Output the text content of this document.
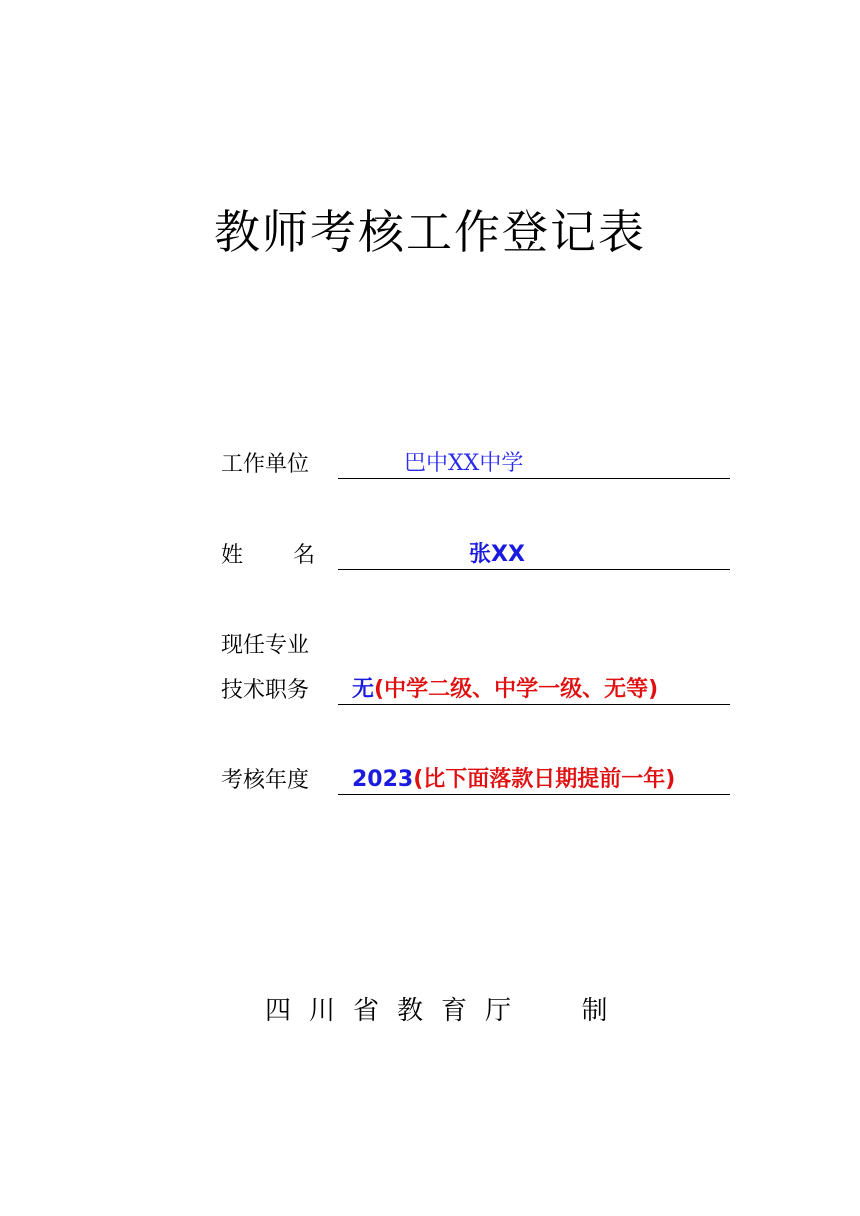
教师考核工作登记表
工作单位	巴中XX中学
姓名	张XX
现任专业
技术职务 无(中学二级、中学一级、无等)
考核年度 2023(比下面落款日期提前一年)
四川省教育厅  制
